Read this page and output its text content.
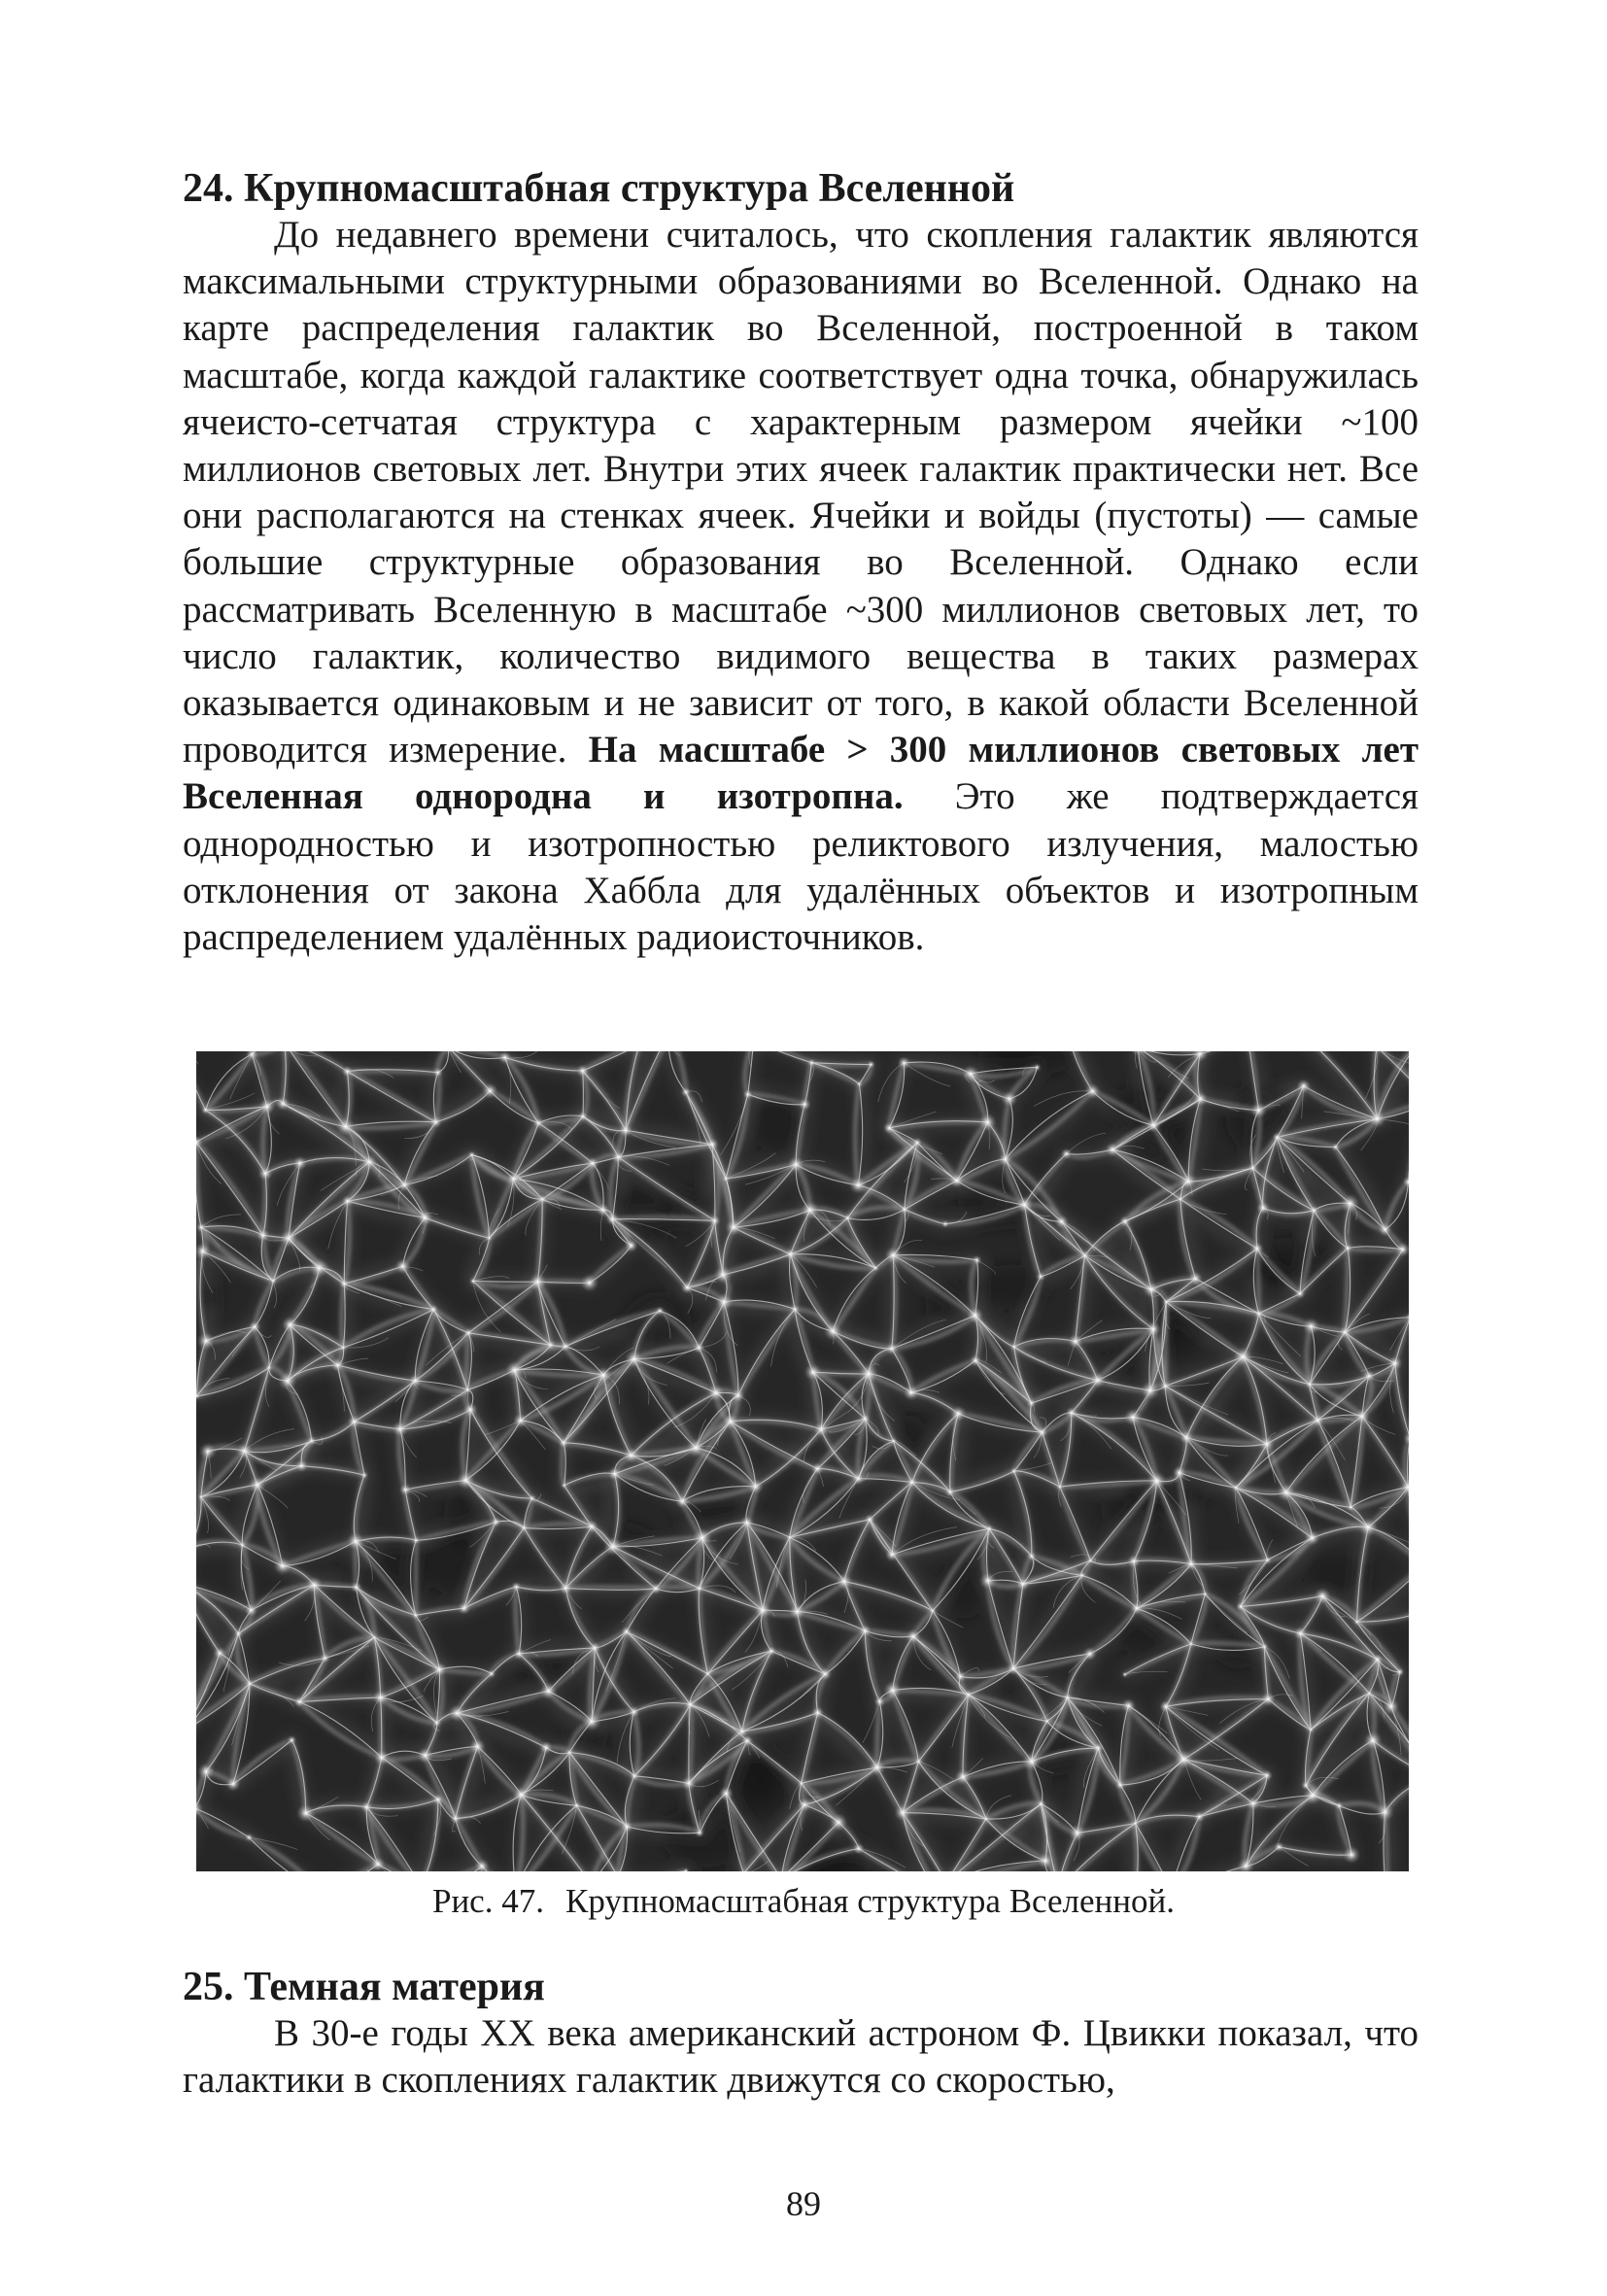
24. Крупномасштабная структура Вселенной

До недавнего времени считалось, что скопления галактик являются максимальными структурными образованиями во Вселенной. Однако на карте распределения галактик во Вселенной, построенной в таком масштабе, когда каждой галактике соответствует одна точка, обнаружилась ячеисто-сетчатая структура с характерным размером ячейки ~100 миллионов световых лет. Внутри этих ячеек галактик практически нет. Все они располагаются на стенках ячеек. Ячейки и войды (пустоты) — самые большие структурные образования во Вселенной. Однако если рассматривать Вселенную в масштабе ~300 миллионов световых лет, то число галактик, количество видимого вещества в таких размерах оказывается одинаковым и не зависит от того, в какой области Вселенной проводится измерение. На масштабе > 300 миллионов световых лет Вселенная однородна и изотропна. Это же подтверждается однородностью и изотропностью реликтового излучения, малостью отклонения от закона Хаббла для удалённых объектов и изотропным распределением удалённых радиоисточников.

Рис. 47. Крупномасштабная структура Вселенной.
25. Темная материя

В 30-е годы XX века американский астроном Ф. Цвикки показал, что галактики в скоплениях галактик движутся со скоростью,

89
